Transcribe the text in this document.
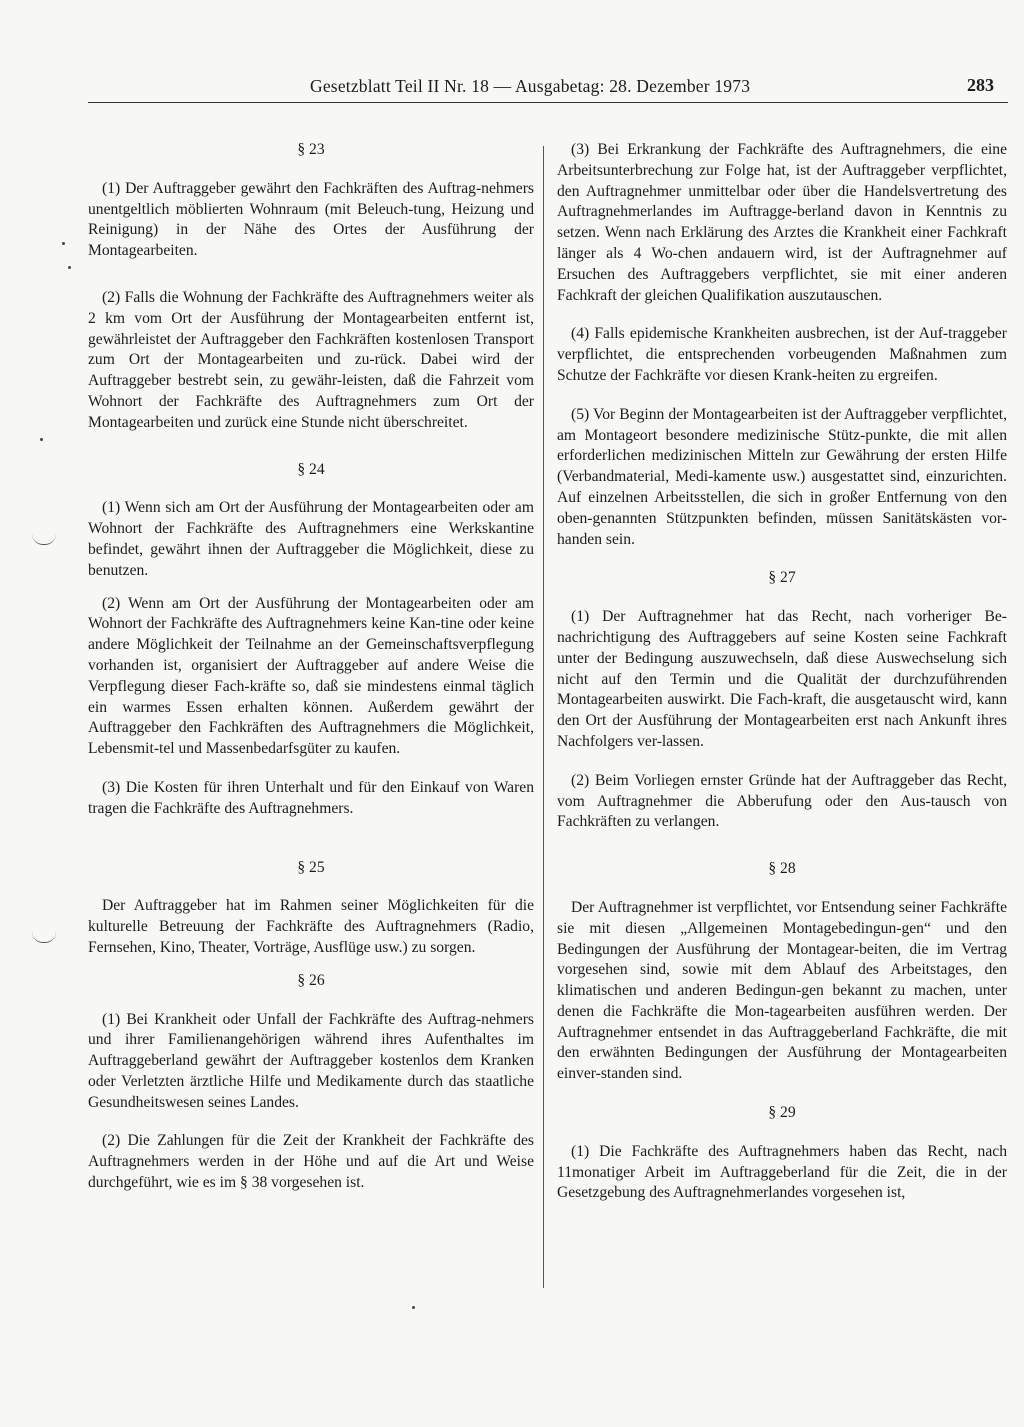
Gesetzblatt Teil II Nr. 18 — Ausgabetag: 28. Dezember 1973	283
§ 23

(1) Der Auftraggeber gewährt den Fachkräften des Auftrag-nehmers unentgeltlich möblierten Wohnraum (mit Beleuch-tung, Heizung und Reinigung) in der Nähe des Ortes der Ausführung der Montagearbeiten.

(2) Falls die Wohnung der Fachkräfte des Auftragnehmers weiter als 2 km vom Ort der Ausführung der Montagearbeiten entfernt ist, gewährleistet der Auftraggeber den Fachkräften kostenlosen Transport zum Ort der Montagearbeiten und zu-rück. Dabei wird der Auftraggeber bestrebt sein, zu gewähr-leisten, daß die Fahrzeit vom Wohnort der Fachkräfte des Auftragnehmers zum Ort der Montagearbeiten und zurück eine Stunde nicht überschreitet.

§ 24

(1) Wenn sich am Ort der Ausführung der Montagearbeiten oder am Wohnort der Fachkräfte des Auftragnehmers eine Werkskantine befindet, gewährt ihnen der Auftraggeber die Möglichkeit, diese zu benutzen.

(2) Wenn am Ort der Ausführung der Montagearbeiten oder am Wohnort der Fachkräfte des Auftragnehmers keine Kan-tine oder keine andere Möglichkeit der Teilnahme an der Gemeinschaftsverpflegung vorhanden ist, organisiert der Auftraggeber auf andere Weise die Verpflegung dieser Fach-kräfte so, daß sie mindestens einmal täglich ein warmes Essen erhalten können. Außerdem gewährt der Auftraggeber den Fachkräften des Auftragnehmers die Möglichkeit, Lebensmit-tel und Massenbedarfsgüter zu kaufen.

(3) Die Kosten für ihren Unterhalt und für den Einkauf von Waren tragen die Fachkräfte des Auftragnehmers.

§ 25

Der Auftraggeber hat im Rahmen seiner Möglichkeiten für die kulturelle Betreuung der Fachkräfte des Auftragnehmers (Radio, Fernsehen, Kino, Theater, Vorträge, Ausflüge usw.) zu sorgen.

§ 26

(1) Bei Krankheit oder Unfall der Fachkräfte des Auftrag-nehmers und ihrer Familienangehörigen während ihres Aufenthaltes im Auftraggeberland gewährt der Auftraggeber kostenlos dem Kranken oder Verletzten ärztliche Hilfe und Medikamente durch das staatliche Gesundheitswesen seines Landes.

(2) Die Zahlungen für die Zeit der Krankheit der Fachkräfte des Auftragnehmers werden in der Höhe und auf die Art und Weise durchgeführt, wie es im § 38 vorgesehen ist.

(3) Bei Erkrankung der Fachkräfte des Auftragnehmers, die eine Arbeitsunterbrechung zur Folge hat, ist der Auftraggeber verpflichtet, den Auftragnehmer unmittelbar oder über die Handelsvertretung des Auftragnehmerlandes im Auftragge-berland davon in Kenntnis zu setzen. Wenn nach Erklärung des Arztes die Krankheit einer Fachkraft länger als 4 Wo-chen andauern wird, ist der Auftragnehmer auf Ersuchen des Auftraggebers verpflichtet, sie mit einer anderen Fachkraft der gleichen Qualifikation auszutauschen.

(4) Falls epidemische Krankheiten ausbrechen, ist der Auf-traggeber verpflichtet, die entsprechenden vorbeugenden Maßnahmen zum Schutze der Fachkräfte vor diesen Krank-heiten zu ergreifen.

(5) Vor Beginn der Montagearbeiten ist der Auftraggeber verpflichtet, am Montageort besondere medizinische Stütz-punkte, die mit allen erforderlichen medizinischen Mitteln zur Gewährung der ersten Hilfe (Verbandmaterial, Medi-kamente usw.) ausgestattet sind, einzurichten. Auf einzelnen Arbeitsstellen, die sich in großer Entfernung von den oben-genannten Stützpunkten befinden, müssen Sanitätskästen vor-handen sein.

§ 27

(1) Der Auftragnehmer hat das Recht, nach vorheriger Be-nachrichtigung des Auftraggebers auf seine Kosten seine Fachkraft unter der Bedingung auszuwechseln, daß diese Auswechselung sich nicht auf den Termin und die Qualität der durchzuführenden Montagearbeiten auswirkt. Die Fach-kraft, die ausgetauscht wird, kann den Ort der Ausführung der Montagearbeiten erst nach Ankunft ihres Nachfolgers ver-lassen.

(2) Beim Vorliegen ernster Gründe hat der Auftraggeber das Recht, vom Auftragnehmer die Abberufung oder den Aus-tausch von Fachkräften zu verlangen.

§ 28

Der Auftragnehmer ist verpflichtet, vor Entsendung seiner Fachkräfte sie mit diesen „Allgemeinen Montagebedingun-gen“ und den Bedingungen der Ausführung der Montagear-beiten, die im Vertrag vorgesehen sind, sowie mit dem Ablauf des Arbeitstages, den klimatischen und anderen Bedingun-gen bekannt zu machen, unter denen die Fachkräfte die Mon-tagearbeiten ausführen werden. Der Auftragnehmer entsendet in das Auftraggeberland Fachkräfte, die mit den erwähnten Bedingungen der Ausführung der Montagearbeiten einver-standen sind.

§ 29

(1) Die Fachkräfte des Auftragnehmers haben das Recht, nach 11monatiger Arbeit im Auftraggeberland für die Zeit, die in der Gesetzgebung des Auftragnehmerlandes vorgesehen ist,
